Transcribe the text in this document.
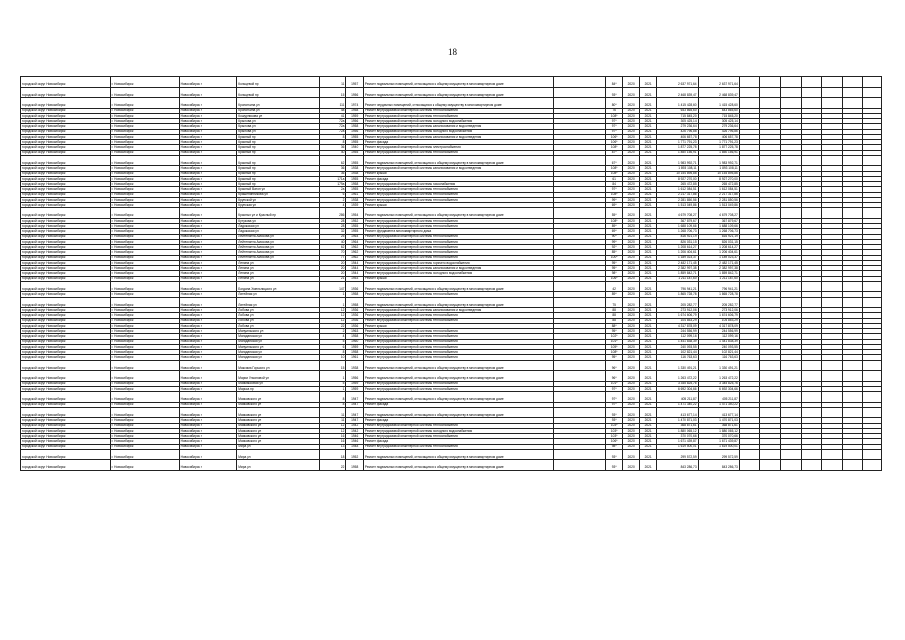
18
городской округ Новосибирск	г. Новосибирск	Новосибирск г	Кольцевой пр	11	1957	Ремонт подвальных помещений, относящихся к общему имуществу в многоквартирном доме		84*	2020	2021	2 637 971,64	2 637 971,64							
городской округ Новосибирск	г. Новосибирск	Новосибирск г	Кольцевой пр	15	1956	Ремонт подвальных помещений, относящихся к общему имуществу в многоквартирном доме		93*	2020	2021	2 468 839,47	2 468 839,47							
городской округ Новосибирск	г. Новосибирск	Новосибирск г	Кропоткина ул	111	1974	Ремонт чердачных помещений, относящихся к общему имуществу в многоквартирном доме		80*	2020	2021	1 415 428,60	1 415 428,60							
городской округ Новосибирск	г. Новосибирск	Новосибирск г	Кропоткина ул	48	1958	Ремонт внутридомовой инженерной системы теплоснабжения		76	2020	2021	643 865,60	643 865,60							
городской округ Новосибирск	г. Новосибирск	Новосибирск г	Кошурникова ул	41	1959	Ремонт внутридомовой инженерной системы теплоснабжения		108*	2020	2021	715 845,20	715 845,20							
городской округ Новосибирск	г. Новосибирск	Новосибирск г	Крылова ул	72а	1956	Ремонт внутридомовой инженерной системы холодного водоснабжения		97*	2020	2021	305 425,14	305 425,14							
городской округ Новосибирск	г. Новосибирск	Новосибирск г	Крылова ул	72а	1958	Ремонт внутридомовой инженерной системы канализования и водоотведения		97*	2020	2021	279 236,64	279 236,64							
городской округ Новосибирск	г. Новосибирск	Новосибирск г	Крылова ул	72а	1956	Ремонт внутридомовой инженерной системы холодного водоснабжения		97*	2020	2021	426 796,86	426 796,86							
городской округ Новосибирск	г. Новосибирск	Новосибирск г	Красный пр	8	1955	Ремонт внутридомовой инженерной системы канализования и водоотведения		106*	2020	2021	406 657,78	406 657,78							
городской округ Новосибирск	г. Новосибирск	Новосибирск г	Красный пр	8	1955	Ремонт фасада		106*	2020	2021	1 771 791,23	1 771 791,23							
городской округ Новосибирск	г. Новосибирск	Новосибирск г	Красный пр	36	1940	Ремонт внутридомовой инженерной системы электроснабжения		108*	2020	2021	1 877 225,78	1 877 225,78							
городской округ Новосибирск	г. Новосибирск	Новосибирск г	Красный пр	40	1955	Ремонт внутридомовой инженерной системы теплоснабжения		87*	2020	2021	1 850 156,91	1 850 156,91							
городской округ Новосибирск	г. Новосибирск	Новосибирск г	Красный пр	62	1955	Ремонт подвальных помещений, относящихся к общему имуществу в многоквартирном доме		67*	2020	2021	1 983 992,71	1 983 992,71							
городской округ Новосибирск	г. Новосибирск	Новосибирск г	Красный пр	36	1938	Ремонт внутридомовой инженерной системы канализования и водоотведения		108*	2020	2021	1 893 108,11	1 893 108,11							
городской округ Новосибирск	г. Новосибирск	Новосибирск г	Красный пр	36	1938	Ремонт крыши		108*	2020	2021	10 154 895,86	10 154 895,86							
городской округ Новосибирск	г. Новосибирск	Новосибирск г	Красный пр	171а	1955	Ремонт фасада		61	2020	2021	8 927 270,00	8 927 270,00							
городской округ Новосибирск	г. Новосибирск	Новосибирск г	Красный пр	179а	1958	Ремонт внутридомовой инженерной системы газоснабжения		84	2020	2021	265 472,85	265 472,85							
городской округ Новосибирск	г. Новосибирск	Новосибирск г	Красный Ватон ул	2а	1955	Ремонт внутридомовой инженерной системы теплоснабжения		97*	2020	2021	1 612 084,51	1 612 084,51							
городской округ Новосибирск	г. Новосибирск	Новосибирск г	Крашенинникова ул	6	1961	Ремонт внутридомовой инженерной системы теплоснабжения		108*	2020	2021	2 217 317,86	2 217 317,86							
городской округ Новосибирск	г. Новосибирск	Новосибирск г	Крупской ул	2	1938	Ремонт внутридомовой инженерной системы теплоснабжения		99*	2020	2021	2 281 850,56	2 281 850,56							
городской округ Новосибирск	г. Новосибирск	Новосибирск г	Крупская ул	4	1939	Ремонт крыши		69*	2020	2021	1 513 049,86	1 513 049,86							
городской округ Новосибирск	г. Новосибирск	Новосибирск г	Красных ул и Красный пр	286	1954	Ремонт подвальных помещений, относящихся к общему имуществу в многоквартирном доме		55*	2020	2021	4 679 708,27	4 679 708,27							
городской округ Новосибирск	г. Новосибирск	Новосибирск г	Кутузова ул	28	1952	Ремонт внутридомовой инженерной системы теплоснабжения		108*	2020	2021	367 879,67	367 879,67							
городской округ Новосибирск	г. Новосибирск	Новосибирск г	Ладожская ул	28	1955	Ремонт внутридомовой инженерной системы теплоснабжения		89*	2020	2021	1 688 109,66	1 688 109,66							
городской округ Новосибирск	г. Новосибирск	Новосибирск г	Ладожская ул	32	1955	Ремонт фундамента многоквартирного дома		69*	2020	2021	1 268 706,73	1 268 706,73							
городской округ Новосибирск	г. Новосибирск	Новосибирск г	Лейтенанта Амосова ул	25	1964	Ремонт внутридомовой инженерной системы теплоснабжения		90*	2020	2021	816 921,19	816 921,19							
городской округ Новосибирск	г. Новосибирск	Новосибирск г	Лейтенанта Амосова ул	40	1964	Ремонт внутридомовой инженерной системы теплоснабжения		99*	2020	2021	826 031,15	826 031,15							
городской округ Новосибирск	г. Новосибирск	Новосибирск г	Лейтенанта Амосова ул	62	1962	Ремонт внутридомовой инженерной системы теплоснабжения		92*	2020	2021	1 208 614,27	1 208 614,27							
городской округ Новосибирск	г. Новосибирск	Новосибирск г	Лейтенанта Амосова ул	70	1962	Ремонт внутридомовой инженерной системы теплоснабжения		85*	2020	2021	1 206 404,61	1 206 404,61							
городской округ Новосибирск	г. Новосибирск	Новосибирск г	Лейтенанта Амосова ул	77	1962	Ремонт внутридомовой инженерной системы теплоснабжения		100*	2020	2021	1 189 023,37	1 189 023,37							
городской округ Новосибирск	г. Новосибирск	Новосибирск г	Ленина ул	20	1944	Ремонт внутридомовой инженерной системы горячего водоснабжения		95*	2020	2021	2 482 171,45	2 482 171,45							
городской округ Новосибирск	г. Новосибирск	Новосибирск г	Ленина ул	20	1944	Ремонт внутридомовой инженерной системы канализования и водоотведения		95*	2020	2021	2 382 997,38	2 382 997,38							
городской округ Новосибирск	г. Новосибирск	Новосибирск г	Ленина ул	20	1944	Ремонт внутридомовой инженерной системы холодного водоснабжения		98*	2020	2021	1 859 842,71	1 859 842,71							
городской округ Новосибирск	г. Новосибирск	Новосибирск г	Ленина ул	21	1953	Ремонт крыши		106*	2020	2021	1 211 187,60	1 211 187,60							
городской округ Новосибирск	г. Новосибирск	Новосибирск г	Богдана Хмельницкого ул	147	1936	Ремонт подвальных помещений, относящихся к общему имуществу в многоквартирном доме		42	2020	2021	796 941,21	796 941,21							
городской округ Новосибирск	г. Новосибирск	Новосибирск г	Литейная ул	1	1958	Ремонт внутридомовой инженерной системы теплоснабжения		89*	2020	2021	1 865 728,78	1 865 728,78							
городской округ Новосибирск	г. Новосибирск	Новосибирск г	Литейная ул	1	1958	Ремонт подвальных помещений, относящихся к общему имуществу в многоквартирном доме		75	2020	2021	205 282,77	205 282,77							
городской округ Новосибирск	г. Новосибирск	Новосибирск г	Лобова ул	12	1936	Ремонт внутридомовой инженерной системы канализования и водоотведения		88	2020	2021	273 912,06	273 912,06							
городской округ Новосибирск	г. Новосибирск	Новосибирск г	Лобова ул	12	1936	Ремонт внутридомовой инженерной системы теплоснабжения		88	2020	2021	1 674 606,79	1 674 606,79							
городской округ Новосибирск	г. Новосибирск	Новосибирск г	Лобова ул	12	1936	Ремонт внутридомовой инженерной системы теплоснабжения		88	2020	2021	104 853,29	104 853,29							
городской округ Новосибирск	г. Новосибирск	Новосибирск г	Лобова ул	22	1936	Ремонт крыши		88*	2020	2021	4 317 878,09	4 317 878,09							
городской округ Новосибирск	г. Новосибирск	Новосибирск г	Мануильского ул	2	1963	Ремонт внутридомовой инженерной системы теплоснабжения		95*	2020	2021	244 556,99	244 556,99							
городской округ Новосибирск	г. Новосибирск	Новосибирск г	Магаданская ул	4	1958	Ремонт внутридомовой инженерной системы теплоснабжения		102*	2020	2021	112 099,16	112 099,16							
городской округ Новосибирск	г. Новосибирск	Новосибирск г	Магаданская ул	5	1960	Ремонт внутридомовой инженерной системы теплоснабжения		101*	2020	2021	1 441 838,39	1 441 838,39							
городской округ Новосибирск	г. Новосибирск	Новосибирск г	Мануильского ул	6	1959	Ремонт внутридомовой инженерной системы теплоснабжения		105*	2020	2021	240 093,55	240 093,55							
городской округ Новосибирск	г. Новосибирск	Новосибирск г	Магаданская ул	8	1958	Ремонт внутридомовой инженерной системы теплоснабжения		108*	2020	2021	102 821,44	102 821,44							
городской округ Новосибирск	г. Новосибирск	Новосибирск г	Магаданская ул	10	1961	Ремонт внутридомовой инженерной системы теплоснабжения		95*	2020	2021	116 763,63	116 763,63							
городской округ Новосибирск	г. Новосибирск	Новосибирск г	Максима Горького ул	15	1938	Ремонт подвальных помещений, относящихся к общему имуществу в многоквартирном доме		96*	2020	2021	1 330 491,21	1 330 491,21							
городской округ Новосибирск	г. Новосибирск	Новосибирск г	Марии Ульяновой ул	1	1956	Ремонт подвальных помещений, относящихся к общему имуществу в многоквартирном доме		96*	2020	2021	1 263 472,22	1 263 472,22							
городской округ Новосибирск	г. Новосибирск	Новосибирск г	Маймаксовая ул	5	1959	Ремонт внутридомовой инженерной системы теплоснабжения		101*	2020	2021	3 345 825,76	3 345 825,76							
городской округ Новосибирск	г. Новосибирск	Новосибирск г	Маркса пр	1	1959	Ремонт внутридомовой инженерной системы теплоснабжения		97*	2020	2021	6 692 304,66	6 692 304,66							
городской округ Новосибирск	г. Новосибирск	Новосибирск г	Маяковского ул	8	1947	Ремонт подвальных помещений, относящихся к общему имуществу в многоквартирном доме		97*	2020	2021	405 211,87	405 211,87							
городской округ Новосибирск	г. Новосибирск	Новосибирск г	Маяковского ул	8	1947	Ремонт фасада		97*	2020	2021	1 471 340,22	1 471 340,22							
городской округ Новосибирск	г. Новосибирск	Новосибирск г	Маяковского ул	11	1947	Ремонт подвальных помещений, относящихся к общему имуществу в многоквартирном доме		93*	2020	2021	413 677,14	413 677,14							
городской округ Новосибирск	г. Новосибирск	Новосибирск г	Маяковского ул	11	1947	Ремонт фасада		93*	2020	2021	1 470 871,03	1 470 871,03							
городской округ Новосибирск	г. Новосибирск	Новосибирск г	Маяковского ул	12	1942	Ремонт внутридомовой инженерной системы теплоснабжения		103*	2020	2021	368 871,61	368 871,61							
городской округ Новосибирск	г. Новосибирск	Новосибирск г	Маяковского ул	12	1942	Ремонт внутридомовой инженерной системы холодного водоснабжения		103*	2020	2021	1 880 065,12	1 880 065,12							
городской округ Новосибирск	г. Новосибирск	Новосибирск г	Маяковского ул	16	1946	Ремонт внутридомовой инженерной системы теплоснабжения		103*	2020	2021	370 070,66	370 070,66							
городской округ Новосибирск	г. Новосибирск	Новосибирск г	Маяковского ул	16	1946	Ремонт фасада		106*	2020	2021	1 671 439,87	1 671 439,87							
городской округ Новосибирск	г. Новосибирск	Новосибирск г	Мира ул	13	1948	Ремонт внутридомовой инженерной системы теплоснабжения		98*	2020	2021	1 619 500,01	1 619 500,01							
городской округ Новосибирск	г. Новосибирск	Новосибирск г	Мира ул	18	1952	Ремонт подвальных помещений, относящихся к общему имуществу в многоквартирном доме		93*	2020	2021	299 572,59	299 572,59							
городской округ Новосибирск	г. Новосибирск	Новосибирск г	Мира ул	22	1958	Ремонт подвальных помещений, относящихся к общему имуществу в многоквартирном доме		93*	2020	2021	843 286,73	843 286,73							
